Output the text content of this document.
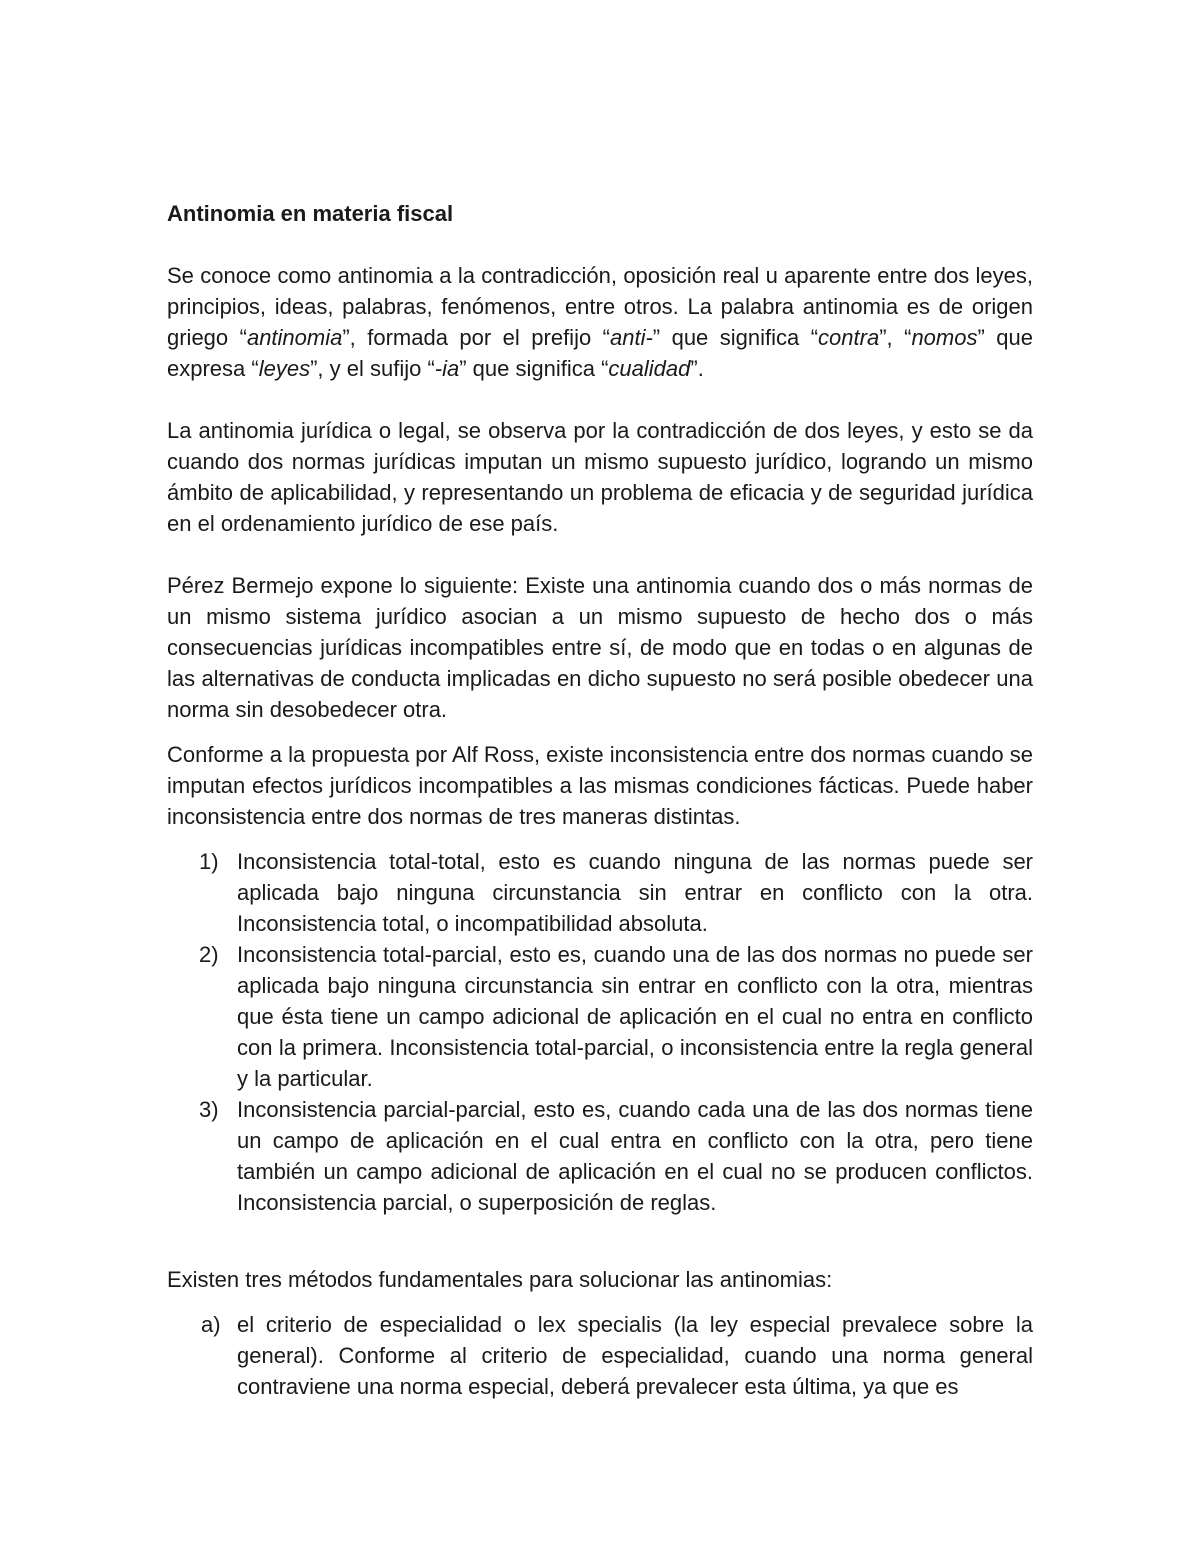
Antinomia en materia fiscal

Se conoce como antinomia a la contradicción, oposición real u aparente entre dos leyes, principios, ideas, palabras, fenómenos, entre otros. La palabra antinomia es de origen griego “antinomia”, formada por el prefijo “anti-” que significa “contra”, “nomos” que expresa “leyes”, y el sufijo “-ia” que significa “cualidad”.

La antinomia jurídica o legal, se observa por la contradicción de dos leyes, y esto se da cuando dos normas jurídicas imputan un mismo supuesto jurídico, logrando un mismo ámbito de aplicabilidad, y representando un problema de eficacia y de seguridad jurídica en el ordenamiento jurídico de ese país.

Pérez Bermejo expone lo siguiente: Existe una antinomia cuando dos o más normas de un mismo sistema jurídico asocian a un mismo supuesto de hecho dos o más consecuencias jurídicas incompatibles entre sí, de modo que en todas o en algunas de las alternativas de conducta implicadas en dicho supuesto no será posible obedecer una norma sin desobedecer otra.

Conforme a la propuesta por Alf Ross, existe inconsistencia entre dos normas cuando se imputan efectos jurídicos incompatibles a las mismas condiciones fácticas. Puede haber inconsistencia entre dos normas de tres maneras distintas.

1) Inconsistencia total-total, esto es cuando ninguna de las normas puede ser aplicada bajo ninguna circunstancia sin entrar en conflicto con la otra. Inconsistencia total, o incompatibilidad absoluta.
2) Inconsistencia total-parcial, esto es, cuando una de las dos normas no puede ser aplicada bajo ninguna circunstancia sin entrar en conflicto con la otra, mientras que ésta tiene un campo adicional de aplicación en el cual no entra en conflicto con la primera. Inconsistencia total-parcial, o inconsistencia entre la regla general y la particular.
3) Inconsistencia parcial-parcial, esto es, cuando cada una de las dos normas tiene un campo de aplicación en el cual entra en conflicto con la otra, pero tiene también un campo adicional de aplicación en el cual no se producen conflictos. Inconsistencia parcial, o superposición de reglas.

Existen tres métodos fundamentales para solucionar las antinomias:

a) el criterio de especialidad o lex specialis (la ley especial prevalece sobre la general). Conforme al criterio de especialidad, cuando una norma general contraviene una norma especial, deberá prevalecer esta última, ya que es
